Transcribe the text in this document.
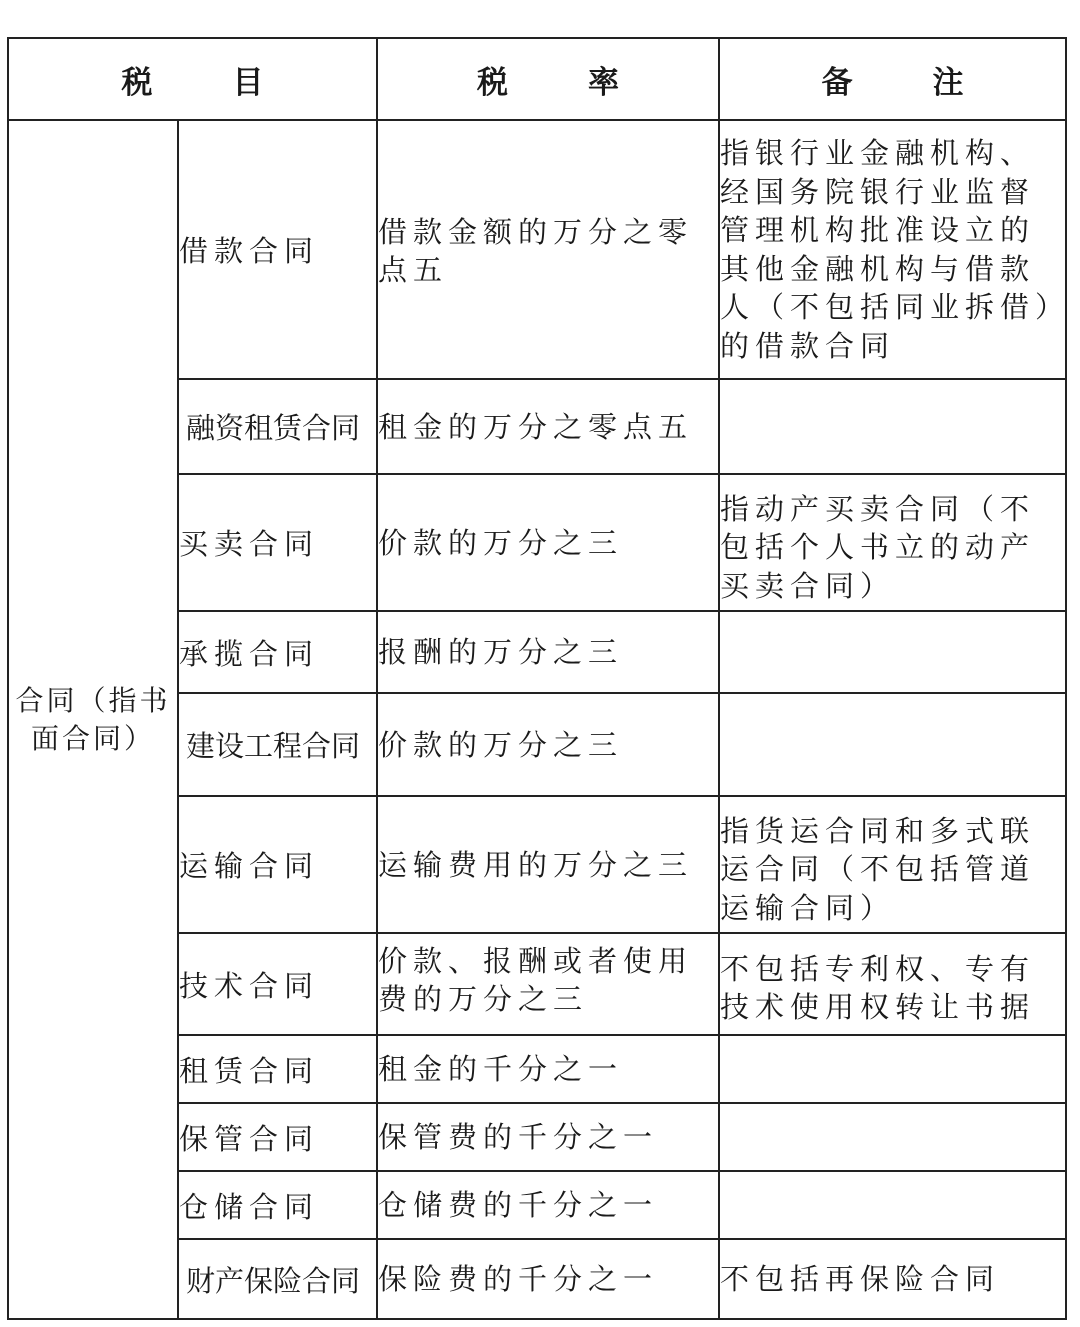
税 目		税 率	备 注

合同（指书
面合同）	借款合同	借款金额的万分之零点五	指银行业金融机构、经国务院银行业监督管理机构批准设立的其他金融机构与借款人（不包括同业拆借）的借款合同
	融资租赁合同	租金的万分之零点五	
	买卖合同	价款的万分之三	指动产买卖合同（不包括个人书立的动产买卖合同）
	承揽合同	报酬的万分之三	
	建设工程合同	价款的万分之三	
	运输合同	运输费用的万分之三	指货运合同和多式联运合同（不包括管道运输合同）
	技术合同	价款、报酬或者使用费的万分之三	不包括专利权、专有技术使用权转让书据
	租赁合同	租金的千分之一	
	保管合同	保管费的千分之一	
	仓储合同	仓储费的千分之一	
	财产保险合同	保险费的千分之一	不包括再保险合同
